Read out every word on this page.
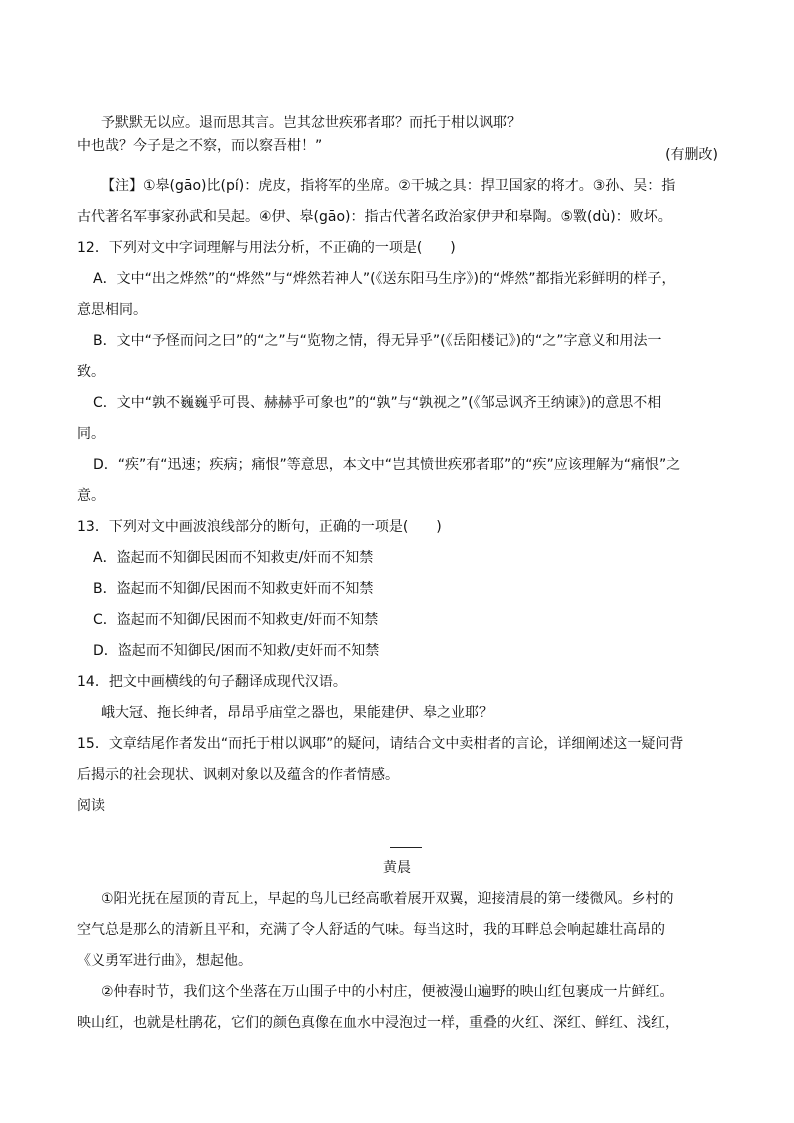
中也哉？今子是之不察，而以察吾柑！”
予默默无以应。退而思其言。岂其忿世疾邪者耶？而托于柑以讽耶？
(有删改)
【注】①皋(gāo)比(pí)：虎皮，指将军的坐席。②干城之具：捍卫国家的将才。③孙、吴：指
古代著名军事家孙武和吴起。④伊、皋(gāo)：指古代著名政治家伊尹和皋陶。⑤斁(dù)：败坏。
12．下列对文中字词理解与用法分析，不正确的一项是(　　)
A．文中“出之烨然”的“烨然”与“烨然若神人”(《送东阳马生序》)的“烨然”都指光彩鲜明的样子，
意思相同。
B．文中“予怪而问之曰”的“之”与“览物之情，得无异乎”(《岳阳楼记》)的“之”字意义和用法一
致。
C．文中“孰不巍巍乎可畏、赫赫乎可象也”的“孰”与“孰视之”(《邹忌讽齐王纳谏》)的意思不相
同。
D．“疾”有“迅速；疾病；痛恨”等意思，本文中“岂其愤世疾邪者耶”的“疾”应该理解为“痛恨”之
意。
13．下列对文中画波浪线部分的断句，正确的一项是(　　)
A．盗起而不知御民困而不知救吏/奸而不知禁
B．盗起而不知御/民困而不知救吏奸而不知禁
C．盗起而不知御/民困而不知救吏/奸而不知禁
D．盗起而不知御民/困而不知救/吏奸而不知禁
14．把文中画横线的句子翻译成现代汉语。
峨大冠、拖长绅者，昂昂乎庙堂之器也，果能建伊、皋之业耶？
15．文章结尾作者发出“而托于柑以讽耶”的疑问，请结合文中卖柑者的言论，详细阐述这一疑问背
后揭示的社会现状、讽刺对象以及蕴含的作者情感。
阅读
黄晨
①阳光抚在屋顶的青瓦上，早起的鸟儿已经高歌着展开双翼，迎接清晨的第一缕微风。乡村的
空气总是那么的清新且平和，充满了令人舒适的气味。每当这时，我的耳畔总会响起雄壮高昂的
《义勇军进行曲》，想起他。
②仲春时节，我们这个坐落在万山围子中的小村庄，便被漫山遍野的映山红包裹成一片鲜红。
映山红，也就是杜鹃花，它们的颜色真像在血水中浸泡过一样，重叠的火红、深红、鲜红、浅红，
